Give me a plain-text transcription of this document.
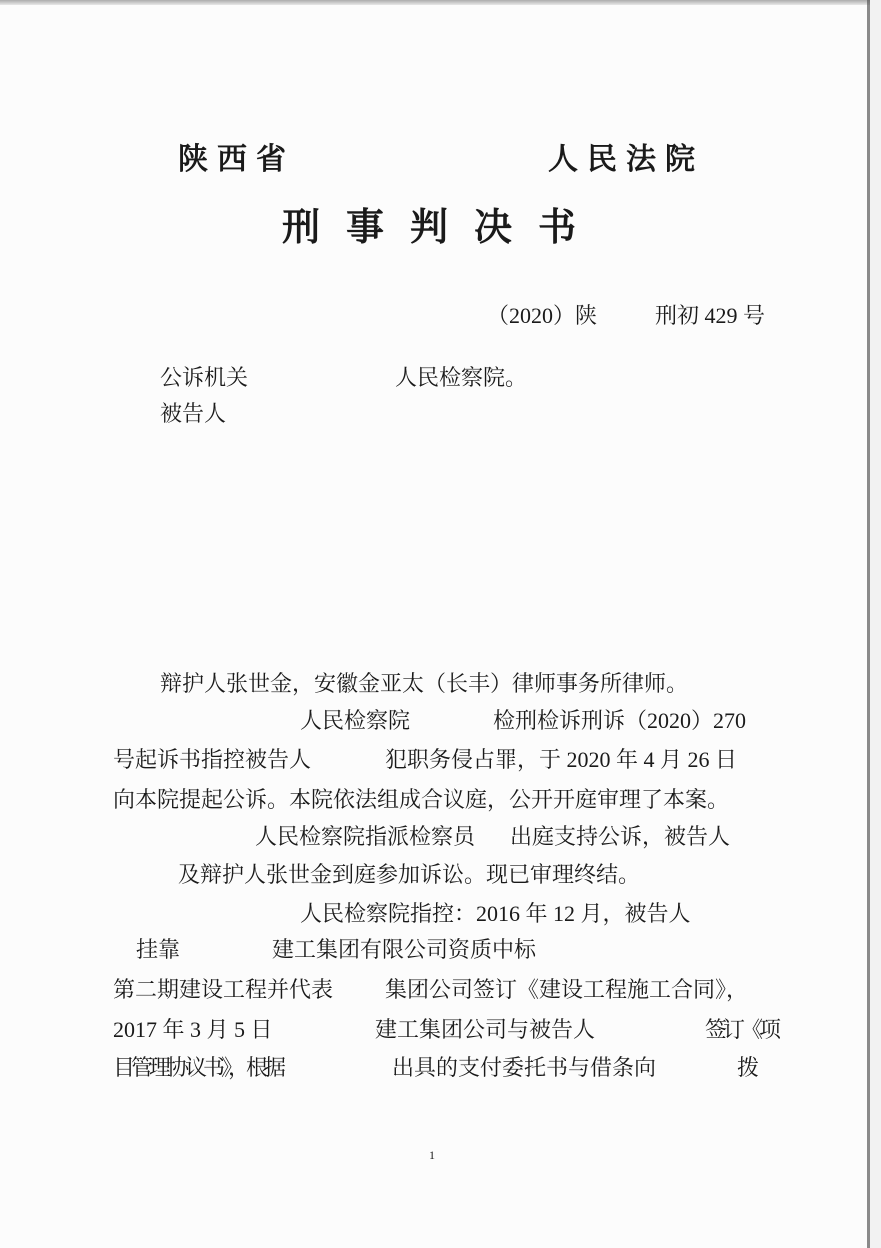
陕西省	人民法院
刑事判决书
（2020）陕	刑初 429 号
公诉机关	人民检察院。
被告人
辩护人张世金，安徽金亚太（长丰）律师事务所律师。
人民检察院	检刑检诉刑诉（2020）270
号起诉书指控被告人	犯职务侵占罪，于 2020 年 4 月 26 日
向本院提起公诉。本院依法组成合议庭，公开开庭审理了本案。
人民检察院指派检察员 出庭支持公诉，被告人
及辩护人张世金到庭参加诉讼。现已审理终结。
人民检察院指控：2016 年 12 月，被告人
挂靠	建工集团有限公司资质中标
第二期建设工程并代表 集团公司签订《建设工程施工合同》，
2017 年 3 月 5 日	建工集团公司与被告人	签订《项
目管理协议书》，根据	出具的支付委托书与借条向	拨
1
